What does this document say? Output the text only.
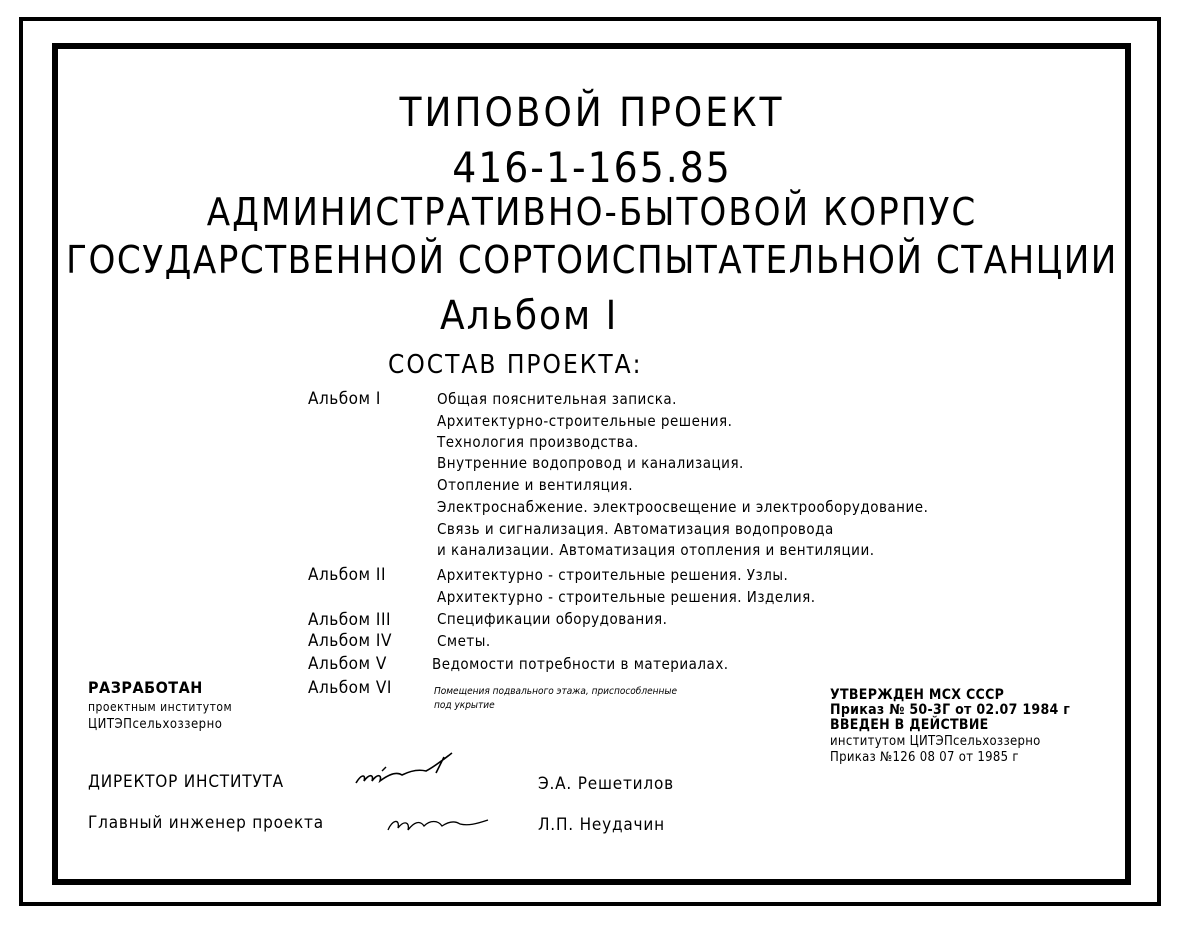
ТИПОВОЙ ПРОЕКТ
416-1-165.85
АДМИНИСТРАТИВНО-БЫТОВОЙ КОРПУС
ГОСУДАРСТВЕННОЙ СОРТОИСПЫТАТЕЛЬНОЙ СТАНЦИИ
Альбом I
СОСТАВ ПРОЕКТА:
Альбом I	Общая пояснительная записка.
Архитектурно-строительные решения.
Технология производства.
Внутренние водопровод и канализация.
Отопление и вентиляция.
Электроснабжение. электроосвещение и электрооборудование.
Связь и сигнализация. Автоматизация водопровода
и канализации. Автоматизация отопления и вентиляции.
Альбом II	Архитектурно - строительные решения. Узлы.
Архитектурно - строительные решения. Изделия.
Альбом III	Спецификации оборудования.
Альбом IV	Сметы.
Альбом V	Ведомости потребности в материалах.
Альбом VI	Помещения подвального этажа, приспособленные
под укрытие
РАЗРАБОТАН
проектным институтом
ЦИТЭПсельхоззерно
УТВЕРЖДЕН МСХ СССР
Приказ № 50-3Г от 02.07 1984 г
ВВЕДЕН В ДЕЙСТВИЕ
институтом ЦИТЭПсельхоззерно
Приказ №126 08 07 от 1985 г
ДИРЕКТОР ИНСТИТУТА	Э.А. Решетилов
Главный инженер проекта	Л.П. Неудачин
